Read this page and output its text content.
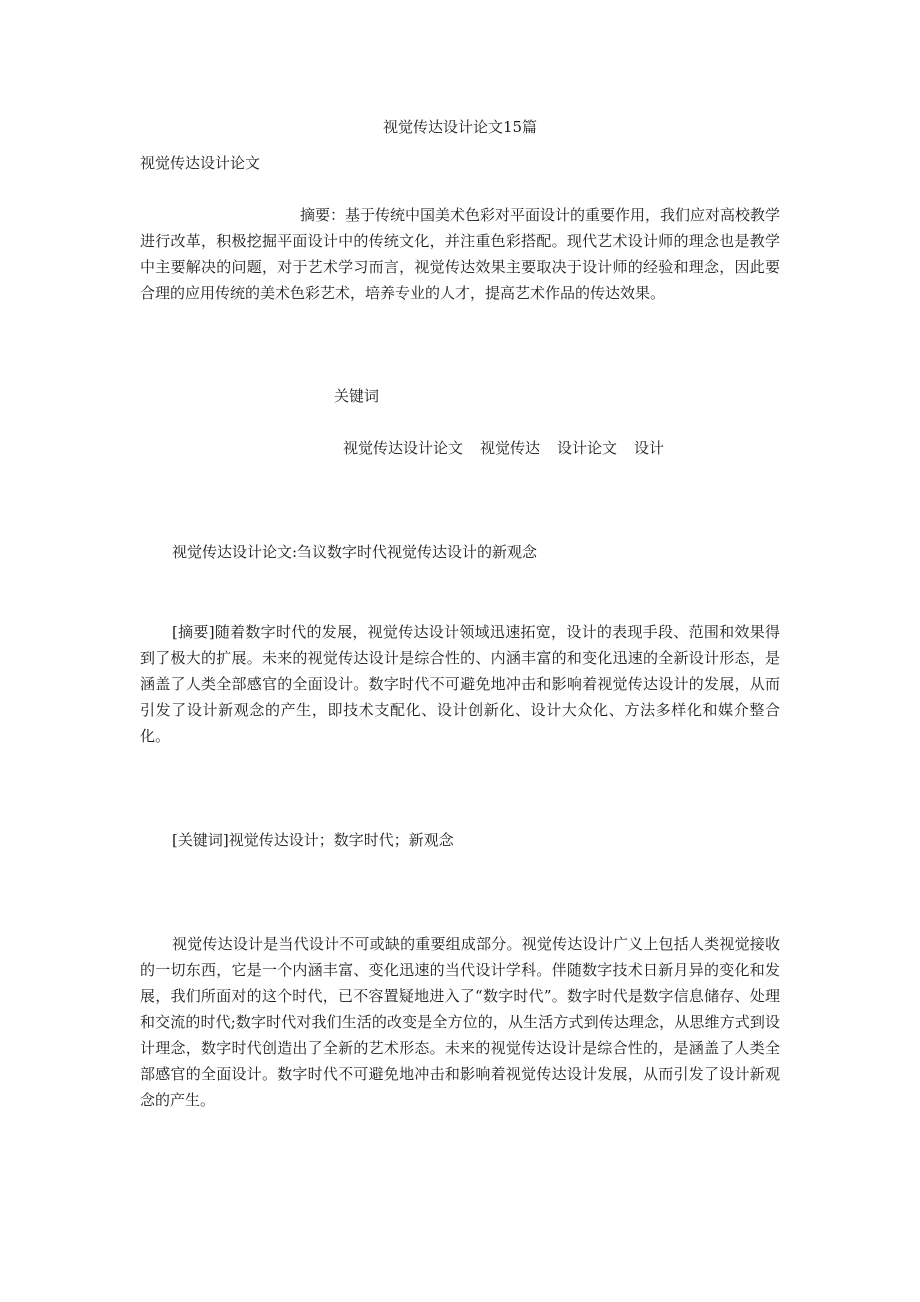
视觉传达设计论文15篇

视觉传达设计论文

摘要：基于传统中国美术色彩对平面设计的重要作用，我们应对高校教学进行改革，积极挖掘平面设计中的传统文化，并注重色彩搭配。现代艺术设计师的理念也是教学中主要解决的问题，对于艺术学习而言，视觉传达效果主要取决于设计师的经验和理念，因此要合理的应用传统的美术色彩艺术，培养专业的人才，提高艺术作品的传达效果。

关键词

视觉传达设计论文 视觉传达 设计论文 设计

视觉传达设计论文:刍议数字时代视觉传达设计的新观念

[摘要]随着数字时代的发展，视觉传达设计领域迅速拓宽，设计的表现手段、范围和效果得到了极大的扩展。未来的视觉传达设计是综合性的、内涵丰富的和变化迅速的全新设计形态，是涵盖了人类全部感官的全面设计。数字时代不可避免地冲击和影响着视觉传达设计的发展，从而引发了设计新观念的产生，即技术支配化、设计创新化、设计大众化、方法多样化和媒介整合化。

[关键词]视觉传达设计；数字时代；新观念

视觉传达设计是当代设计不可或缺的重要组成部分。视觉传达设计广义上包括人类视觉接收的一切东西，它是一个内涵丰富、变化迅速的当代设计学科。伴随数字技术日新月异的变化和发展，我们所面对的这个时代，已不容置疑地进入了“数字时代”。数字时代是数字信息储存、处理和交流的时代;数字时代对我们生活的改变是全方位的，从生活方式到传达理念，从思维方式到设计理念，数字时代创造出了全新的艺术形态。未来的视觉传达设计是综合性的，是涵盖了人类全部感官的全面设计。数字时代不可避免地冲击和影响着视觉传达设计发展，从而引发了设计新观念的产生。
